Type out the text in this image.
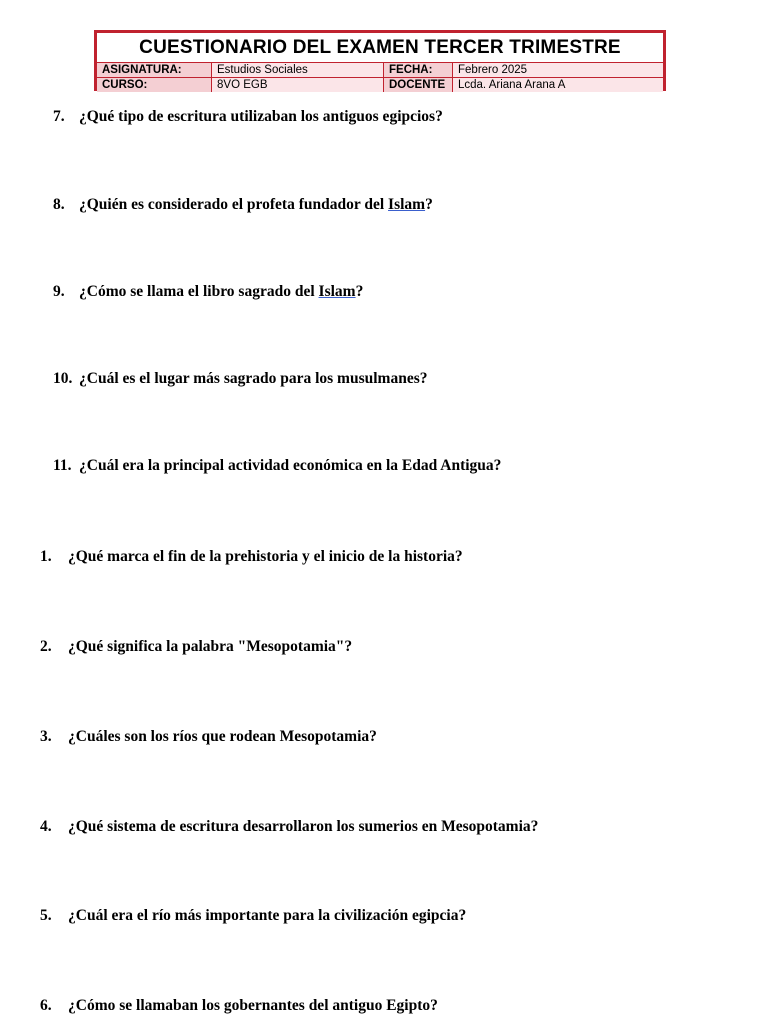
CUESTIONARIO DEL EXAMEN TERCER TRIMESTRE
ASIGNATURA:	Estudios Sociales	FECHA:	Febrero 2025
CURSO:	8VO EGB	DOCENTE	Lcda. Ariana Arana A
7. ¿Qué tipo de escritura utilizaban los antiguos egipcios?
8. ¿Quién es considerado el profeta fundador del Islam?
9. ¿Cómo se llama el libro sagrado del Islam?
10. ¿Cuál es el lugar más sagrado para los musulmanes?
11. ¿Cuál era la principal actividad económica en la Edad Antigua?
1. ¿Qué marca el fin de la prehistoria y el inicio de la historia?
2. ¿Qué significa la palabra "Mesopotamia"?
3. ¿Cuáles son los ríos que rodean Mesopotamia?
4. ¿Qué sistema de escritura desarrollaron los sumerios en Mesopotamia?
5. ¿Cuál era el río más importante para la civilización egipcia?
6. ¿Cómo se llamaban los gobernantes del antiguo Egipto?
